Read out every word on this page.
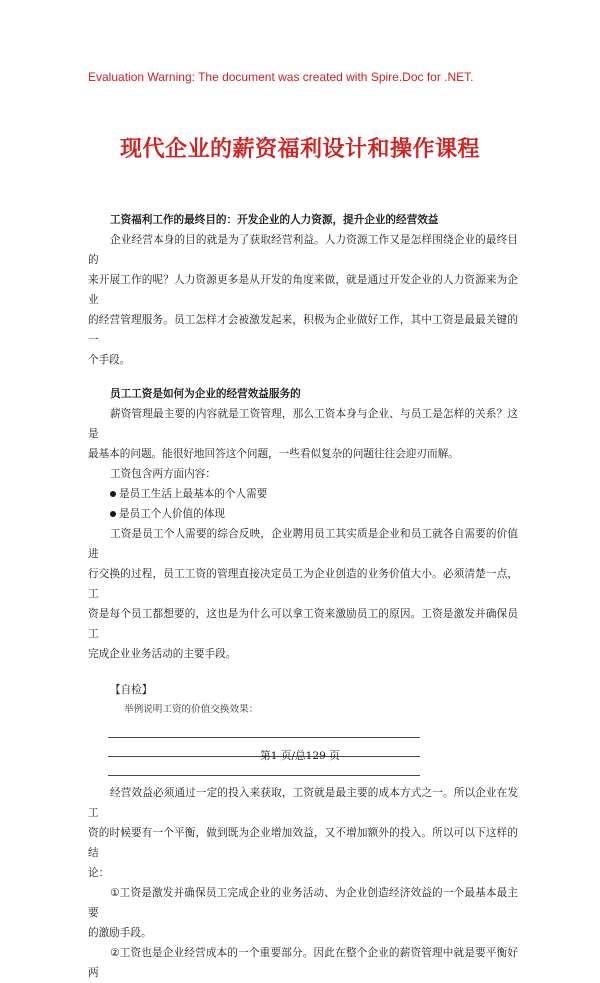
Evaluation Warning: The document was created with Spire.Doc for .NET.
现代企业的薪资福利设计和操作课程
工资福利工作的最终目的：开发企业的人力资源，提升企业的经营效益

企业经营本身的目的就是为了获取经营利益。人力资源工作又是怎样围绕企业的最终目的

来开展工作的呢？人力资源更多是从开发的角度来做，就是通过开发企业的人力资源来为企业

的经营管理服务。员工怎样才会被激发起来，积极为企业做好工作，其中工资是最最关键的一

个手段。

员工工资是如何为企业的经营效益服务的

薪资管理最主要的内容就是工资管理，那么工资本身与企业、与员工是怎样的关系？这是

最基本的问题。能很好地回答这个问题，一些看似复杂的问题往往会迎刃而解。

工资包含两方面内容：

是员工生活上最基本的个人需要
是员工个人价值的体现

工资是员工个人需要的综合反映，企业聘用员工其实质是企业和员工就各自需要的价值进

行交换的过程，员工工资的管理直接决定员工为企业创造的业务价值大小。必须清楚一点，工

资是每个员工都想要的，这也是为什么可以拿工资来激励员工的原因。工资是激发并确保员工

完成企业业务活动的主要手段。

【自检】
举例说明工资的价值交换效果：

经营效益必须通过一定的投入来获取，工资就是最主要的成本方式之一。所以企业在发工

资的时候要有一个平衡，做到既为企业增加效益，又不增加额外的投入。所以可以下这样的结

论：

①工资是激发并确保员工完成企业的业务活动、为企业创造经济效益的一个最基本最主要

的激励手段。

②工资也是企业经营成本的一个重要部分。因此在整个企业的薪资管理中就是要平衡好两

第1 页/总129 页
